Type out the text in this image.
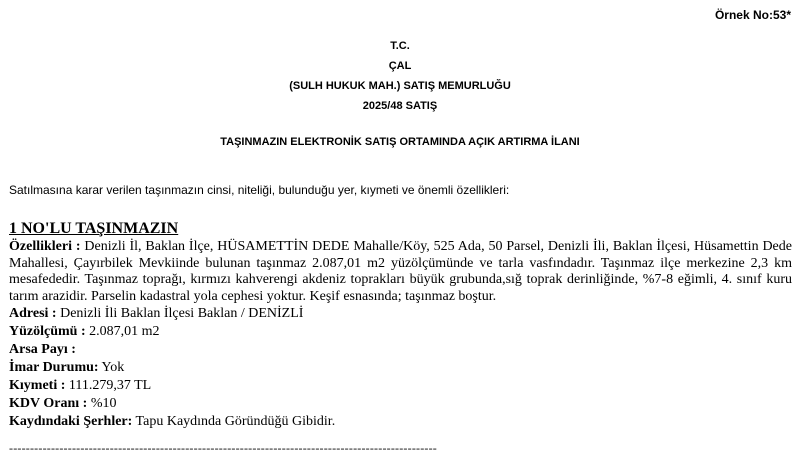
Örnek No:53*
T.C.
ÇAL
(SULH HUKUK MAH.) SATIŞ MEMURLUĞU
2025/48 SATIŞ
TAŞINMAZIN ELEKTRONİK SATIŞ ORTAMINDA AÇIK ARTIRMA İLANI
Satılmasına karar verilen taşınmazın cinsi, niteliği, bulunduğu yer, kıymeti ve önemli özellikleri:
1 NO'LU TAŞINMAZIN
Özellikleri : Denizli İl, Baklan İlçe, HÜSAMETTİN DEDE Mahalle/Köy, 525 Ada, 50 Parsel, Denizli İli, Baklan İlçesi, Hüsamettin Dede Mahallesi, Çayırbilek Mevkiinde bulunan taşınmaz 2.087,01 m2 yüzölçümünde ve tarla vasfındadır. Taşınmaz ilçe merkezine 2,3 km mesafededir. Taşınmaz toprağı, kırmızı kahverengi akdeniz toprakları büyük grubunda,sığ toprak derinliğinde, %7-8 eğimli, 4. sınıf kuru tarım arazidir. Parselin kadastral yola cephesi yoktur. Keşif esnasında; taşınmaz boştur.
Adresi : Denizli İli Baklan İlçesi Baklan / DENİZLİ
Yüzölçümü : 2.087,01 m2
Arsa Payı :
İmar Durumu: Yok
Kıymeti : 111.279,37 TL
KDV Oranı : %10
Kaydındaki Şerhler: Tapu Kaydında Göründüğü Gibidir.
------------------------------------------------------------------------------------------------------
